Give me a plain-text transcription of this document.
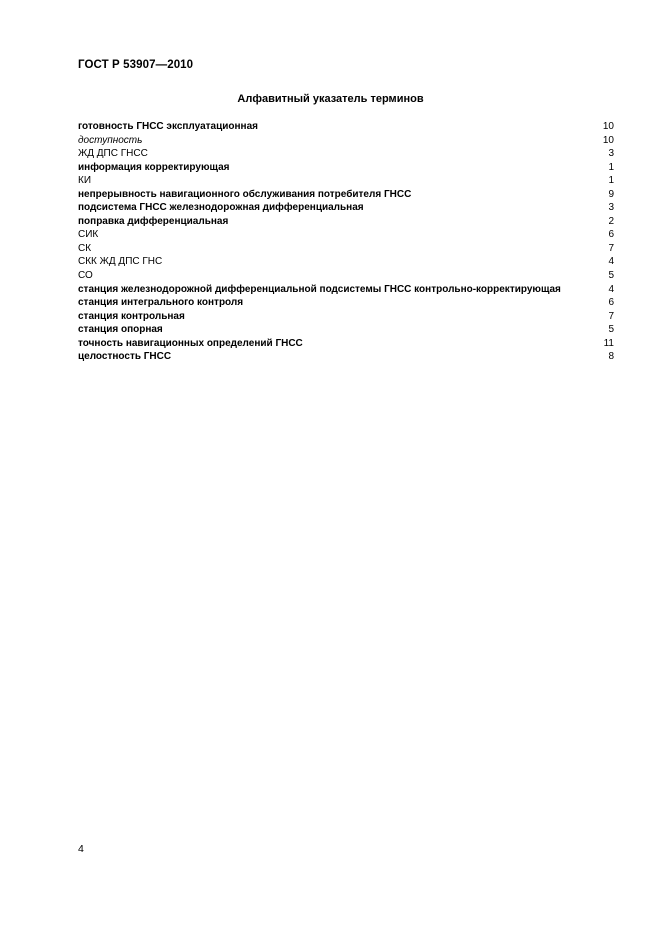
ГОСТ Р 53907—2010
Алфавитный указатель терминов
готовность ГНСС эксплуатационная	10
доступность	10
ЖД ДПС ГНСС	3
информация корректирующая	1
КИ	1
непрерывность навигационного обслуживания потребителя ГНСС	9
подсистема ГНСС железнодорожная дифференциальная	3
поправка дифференциальная	2
СИК	6
СК	7
СКК ЖД ДПС ГНС	4
СО	5
станция железнодорожной дифференциальной подсистемы ГНСС контрольно-корректирующая	4
станция интегрального контроля	6
станция контрольная	7
станция опорная	5
точность навигационных определений ГНСС	11
целостность ГНСС	8
4
